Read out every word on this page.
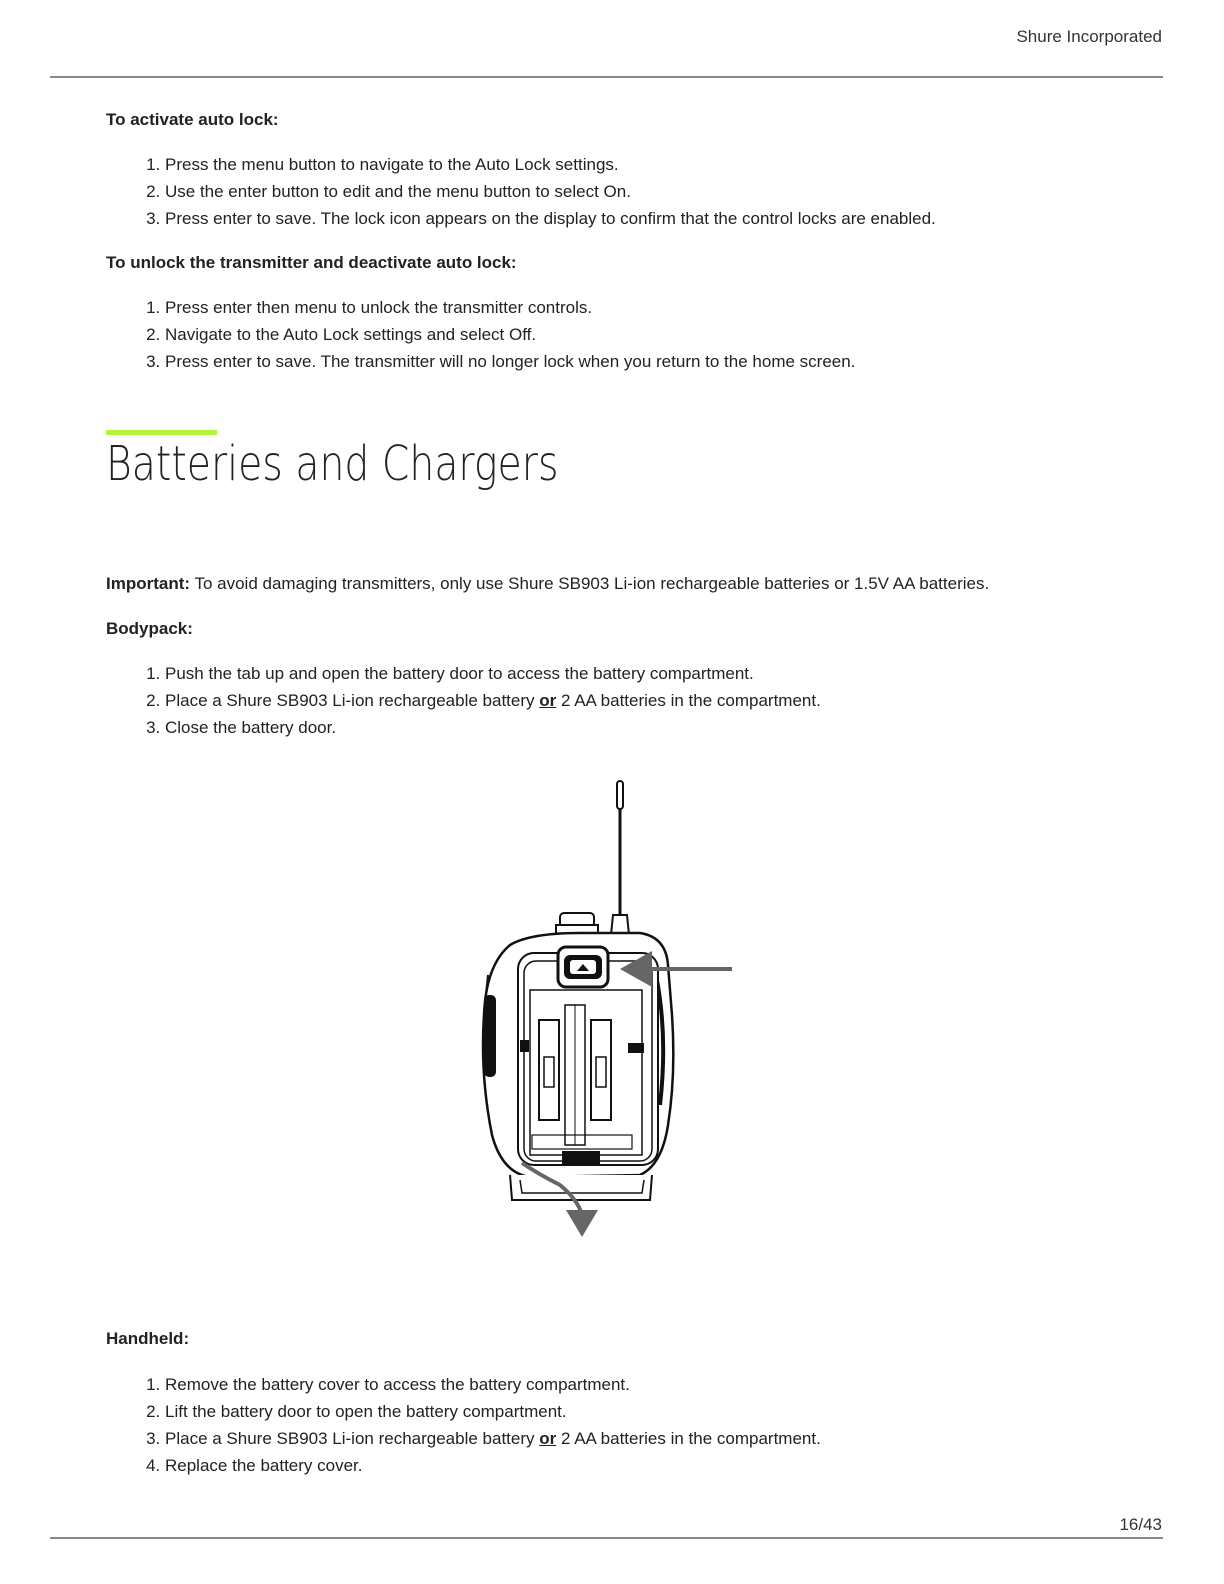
Shure Incorporated
To activate auto lock:
1. Press the menu button to navigate to the Auto Lock settings.
2. Use the enter button to edit and the menu button to select On.
3. Press enter to save. The lock icon appears on the display to confirm that the control locks are enabled.
To unlock the transmitter and deactivate auto lock:
1. Press enter then menu to unlock the transmitter controls.
2. Navigate to the Auto Lock settings and select Off.
3. Press enter to save. The transmitter will no longer lock when you return to the home screen.
Batteries and Chargers
Important: To avoid damaging transmitters, only use Shure SB903 Li-ion rechargeable batteries or 1.5V AA batteries.
Bodypack:
1. Push the tab up and open the battery door to access the battery compartment.
2. Place a Shure SB903 Li-ion rechargeable battery or 2 AA batteries in the compartment.
3. Close the battery door.
Handheld:
1. Remove the battery cover to access the battery compartment.
2. Lift the battery door to open the battery compartment.
3. Place a Shure SB903 Li-ion rechargeable battery or 2 AA batteries in the compartment.
4. Replace the battery cover.
16/43
